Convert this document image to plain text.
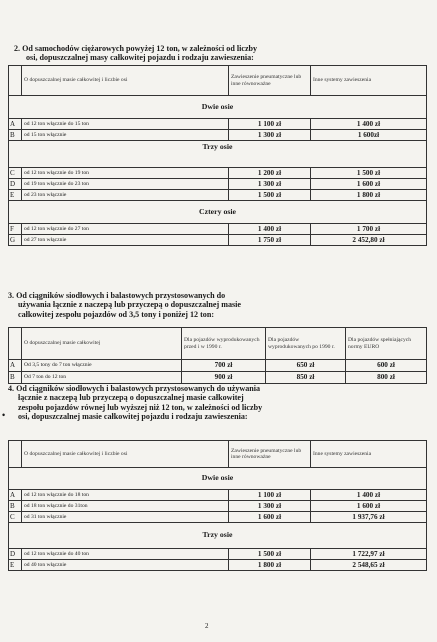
2. Od samochodów ciężarowych powyżej 12 ton, w zależności od liczby
osi, dopuszczalnej masy całkowitej pojazdu i rodzaju zawieszenia:
	O dopuszczalnej masie całkowitej i liczbie osi	Zawieszenie pneumatyczne lub inne równoważne	Inne systemy zawieszenia
Dwie osie			
A	od 12 ton włącznie do 15 ton	1 100 zł	1 400 zł
B	od 15 ton włącznie	1 300 zł	1 600zł
Trzy osie			
C	od 12 ton włącznie do 19 ton	1 200 zł	1 500 zł
D	od 19 ton włącznie do 23 ton	1 300 zł	1 600 zł
E	od 23 ton włącznie	1 500 zł	1 800 zł
Cztery osie			
F	od 12 ton włącznie do 27 ton	1 400 zł	1 700 zł
G	od 27 ton włącznie	1 750 zł	2 452,80 zł
3. Od ciągników siodłowych i balastowych przystosowanych do
używania łącznie z naczepą lub przyczepą o dopuszczalnej masie
całkowitej zespołu pojazdów od 3,5 tony i poniżej 12 ton:
	O dopuszczalnej masie całkowitej	Dla pojazdów wyprodukowanych przed i w 1990 r.	Dla pojazdów wyprodukowanych po 1990 r.	Dla pojazdów spełniających normy EURO
A	Od 3,5 tony do 7 ton włącznie	700 zł	650 zł	600 zł
B	Od 7 ton do 12 ton	900 zł	850 zł	800 zł
•
4. Od ciągników siodłowych i balastowych przystosowanych do używania
łącznie z naczepą lub przyczepą o dopuszczalnej masie całkowitej
zespołu pojazdów równej lub wyższej niż 12 ton, w zależności od liczby
osi, dopuszczalnej masie całkowitej pojazdu i rodzaju zawieszenia:
	O dopuszczalnej masie całkowitej i liczbie osi	Zawieszenie pneumatyczne lub inne równoważne	Inne systemy zawieszenia
Dwie osie			
A	od 12 ton włącznie do 18 ton	1 100 zł	1 400 zł
B	od 18 ton włącznie do 31ton	1 300 zł	1 600 zł
C	od 31 ton włącznie	1 600 zł	1 937,76 zł
Trzy osie			
D	od 12 ton włącznie do 40 ton	1 500 zł	1 722,97 zł
E	od 40 ton włącznie	1 800 zł	2 548,65 zł
2
